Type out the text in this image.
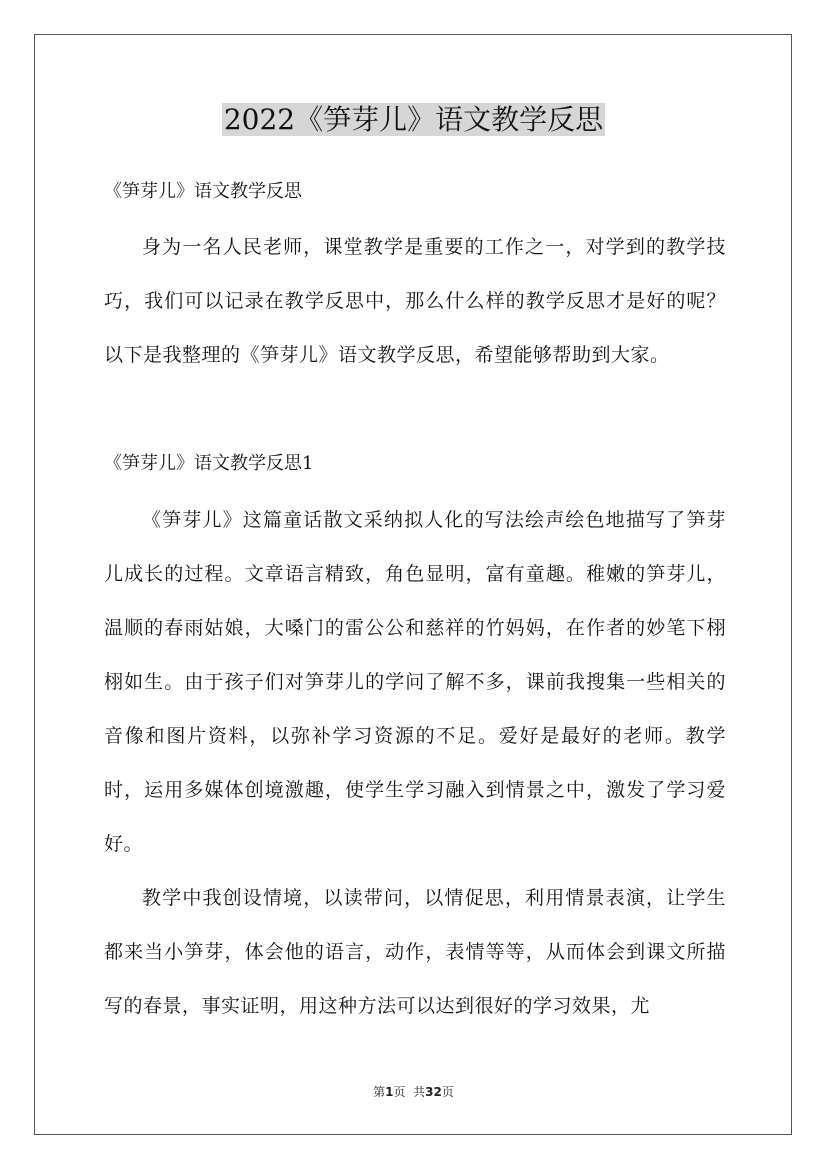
2022《笋芽儿》语文教学反思
《笋芽儿》语文教学反思

身为一名人民老师，课堂教学是重要的工作之一，对学到的教学技巧，我们可以记录在教学反思中，那么什么样的教学反思才是好的呢？以下是我整理的《笋芽儿》语文教学反思，希望能够帮助到大家。

《笋芽儿》语文教学反思1

《笋芽儿》这篇童话散文采纳拟人化的写法绘声绘色地描写了笋芽儿成长的过程。文章语言精致，角色显明，富有童趣。稚嫩的笋芽儿，温顺的春雨姑娘，大嗓门的雷公公和慈祥的竹妈妈，在作者的妙笔下栩栩如生。由于孩子们对笋芽儿的学问了解不多，课前我搜集一些相关的音像和图片资料，以弥补学习资源的不足。爱好是最好的老师。教学时，运用多媒体创境激趣，使学生学习融入到情景之中，激发了学习爱好。

教学中我创设情境，以读带问，以情促思，利用情景表演，让学生都来当小笋芽，体会他的语言，动作，表情等等，从而体会到课文所描写的春景，事实证明，用这种方法可以达到很好的学习效果，尤

第1页  共32页
